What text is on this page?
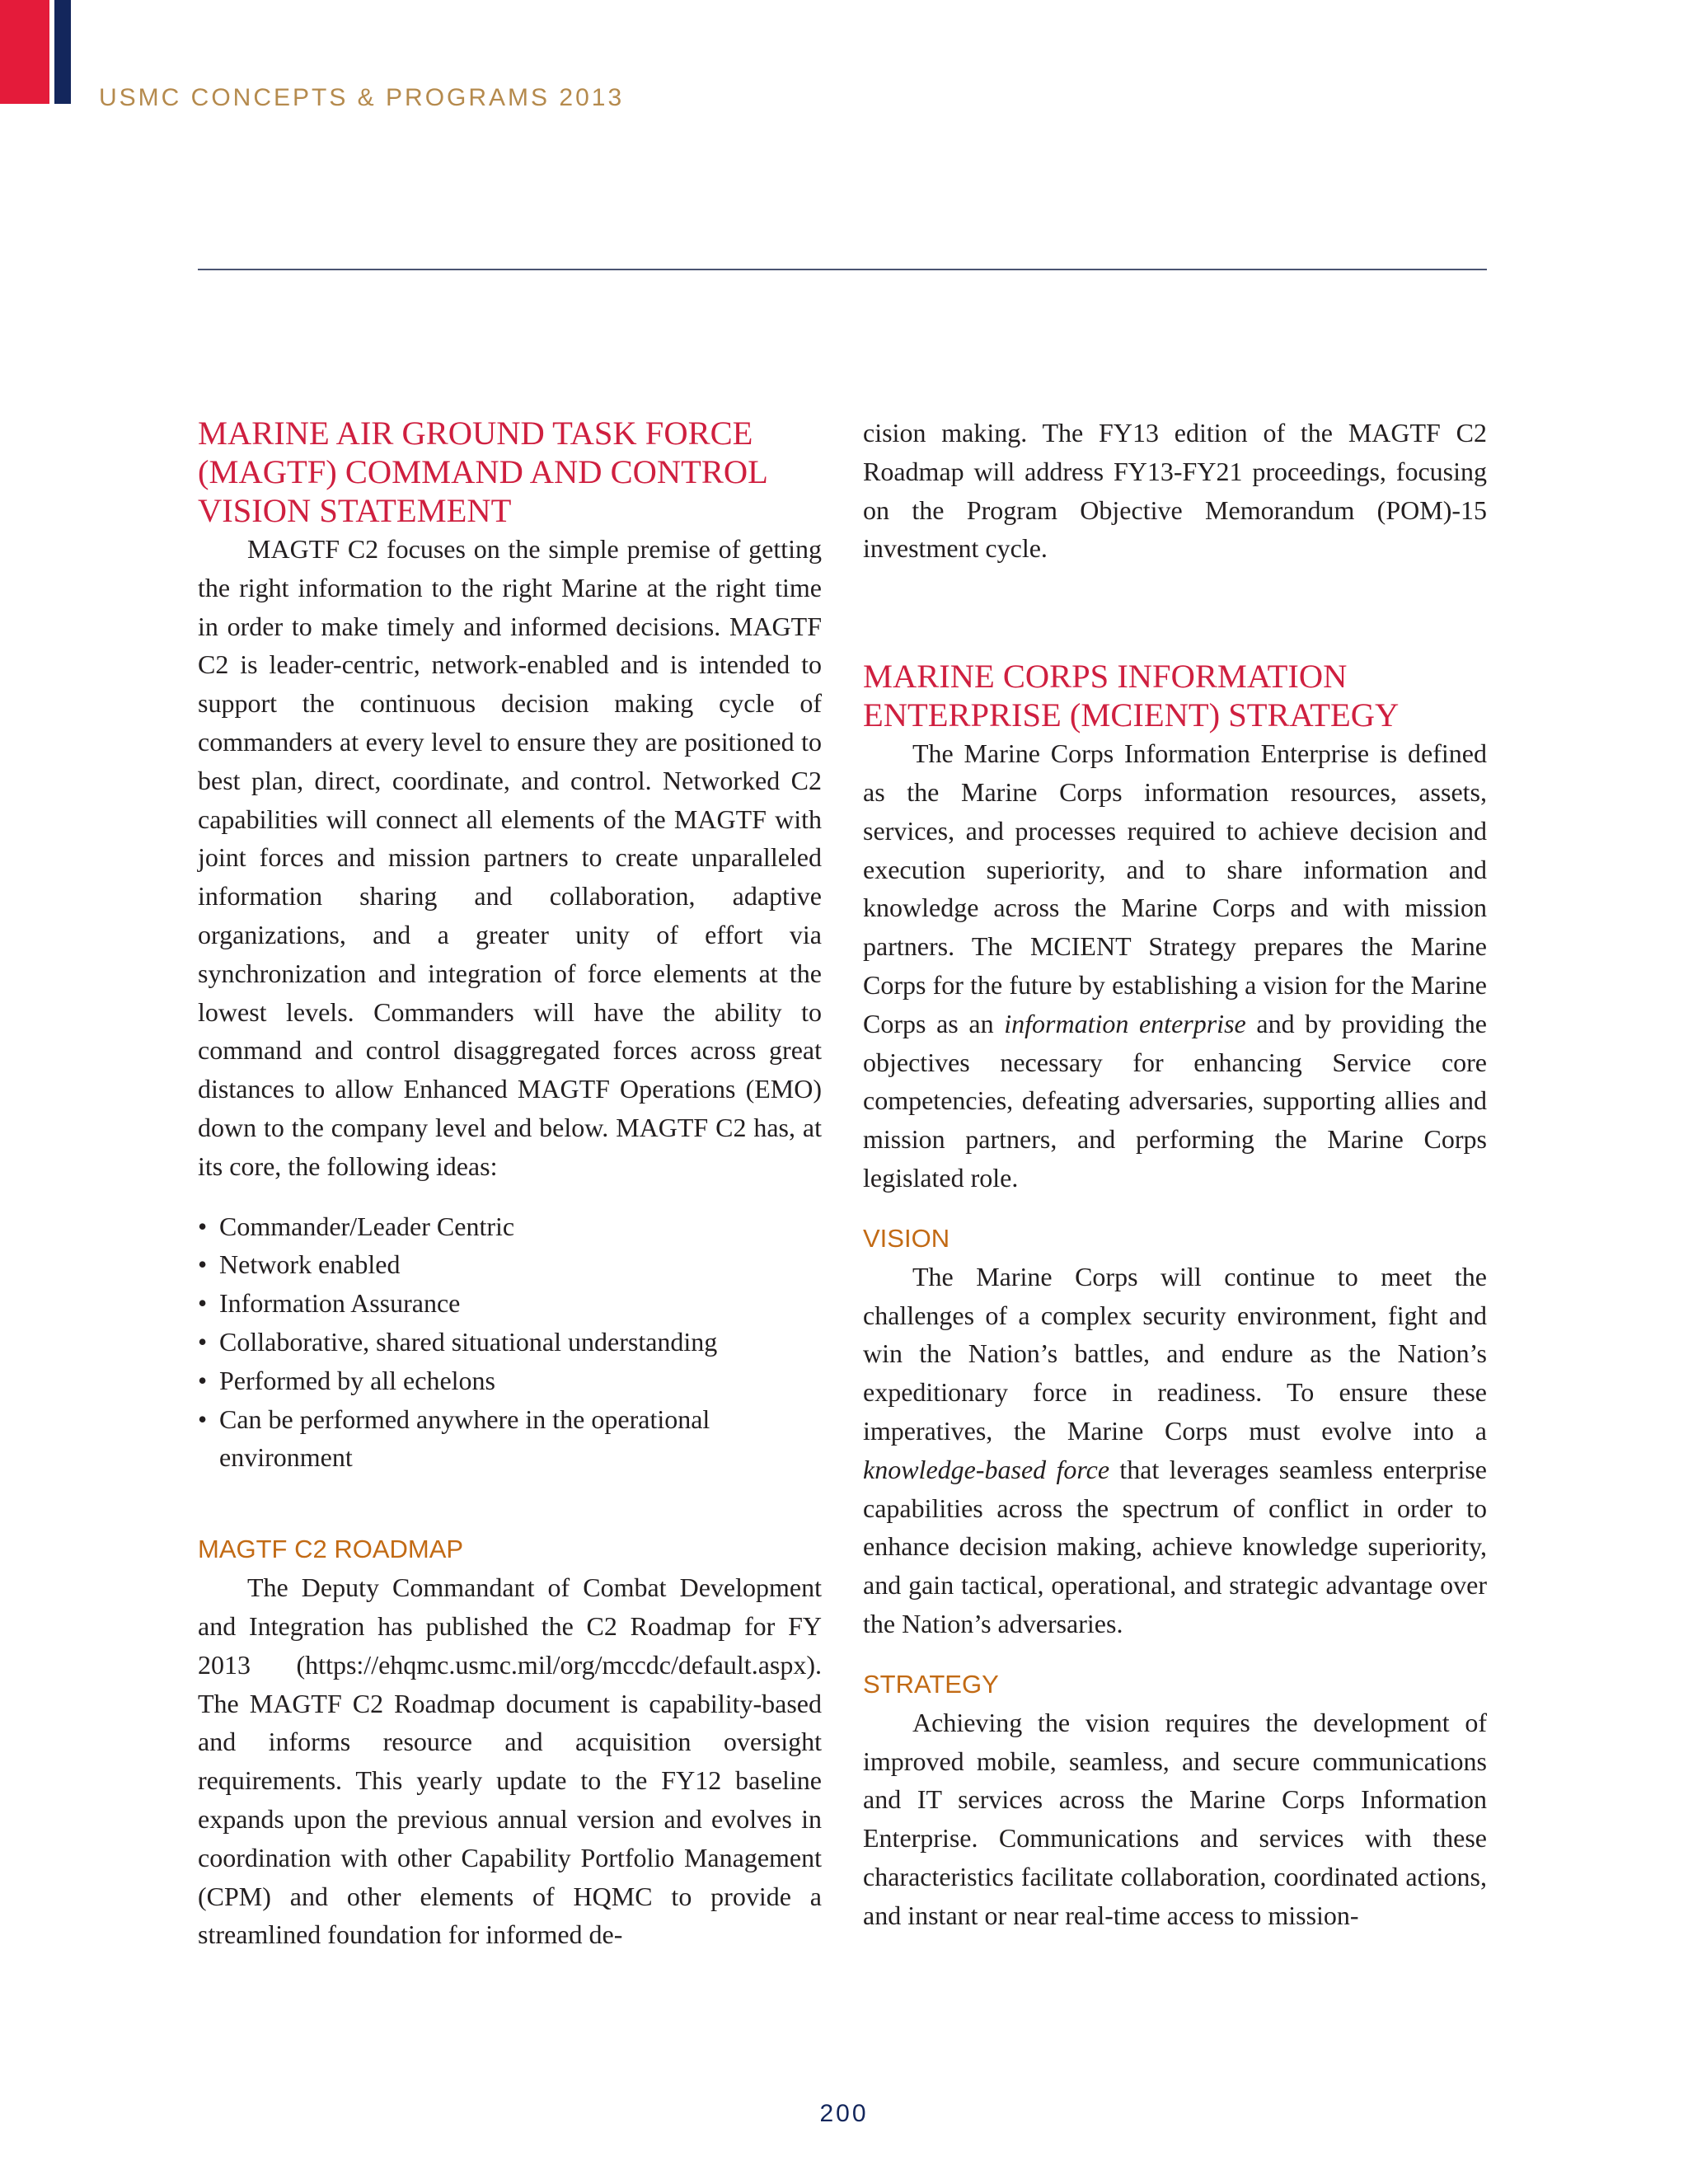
USMC CONCEPTS & PROGRAMS 2013
MARINE AIR GROUND TASK FORCE (MAGTF) COMMAND AND CONTROL VISION STATEMENT

MAGTF C2 focuses on the simple premise of getting the right information to the right Marine at the right time in order to make timely and informed decisions. MAGTF C2 is leader-centric, network-enabled and is intended to support the continuous decision making cycle of commanders at every level to ensure they are positioned to best plan, direct, coordinate, and control. Networked C2 capabilities will connect all elements of the MAGTF with joint forces and mission partners to create unparalleled information sharing and collaboration, adaptive organizations, and a greater unity of effort via synchronization and integration of force elements at the lowest levels. Commanders will have the ability to command and control disaggregated forces across great distances to allow Enhanced MAGTF Operations (EMO) down to the company level and below. MAGTF C2 has, at its core, the following ideas:

• Commander/Leader Centric
• Network enabled
• Information Assurance
• Collaborative, shared situational understanding
• Performed by all echelons
• Can be performed anywhere in the operational environment
MAGTF C2 ROADMAP

The Deputy Commandant of Combat Development and Integration has published the C2 Roadmap for FY 2013 (https://ehqmc.usmc.mil/org/mccdc/default.aspx). The MAGTF C2 Roadmap document is capability-based and informs resource and acquisition oversight requirements. This yearly update to the FY12 baseline expands upon the previous annual version and evolves in coordination with other Capability Portfolio Management (CPM) and other elements of HQMC to provide a streamlined foundation for informed de-

cision making. The FY13 edition of the MAGTF C2 Roadmap will address FY13-FY21 proceedings, focusing on the Program Objective Memorandum (POM)-15 investment cycle.

MARINE CORPS INFORMATION ENTERPRISE (MCIENT) STRATEGY

The Marine Corps Information Enterprise is defined as the Marine Corps information resources, assets, services, and processes required to achieve decision and execution superiority, and to share information and knowledge across the Marine Corps and with mission partners. The MCIENT Strategy prepares the Marine Corps for the future by establishing a vision for the Marine Corps as an information enterprise and by providing the objectives necessary for enhancing Service core competencies, defeating adversaries, supporting allies and mission partners, and performing the Marine Corps legislated role.

VISION

The Marine Corps will continue to meet the challenges of a complex security environment, fight and win the Nation’s battles, and endure as the Nation’s expeditionary force in readiness. To ensure these imperatives, the Marine Corps must evolve into a knowledge-based force that leverages seamless enterprise capabilities across the spectrum of conflict in order to enhance decision making, achieve knowledge superiority, and gain tactical, operational, and strategic advantage over the Nation’s adversaries.

STRATEGY

Achieving the vision requires the development of improved mobile, seamless, and secure communications and IT services across the Marine Corps Information Enterprise. Communications and services with these characteristics facilitate collaboration, coordinated actions, and instant or near real-time access to mission-

200
